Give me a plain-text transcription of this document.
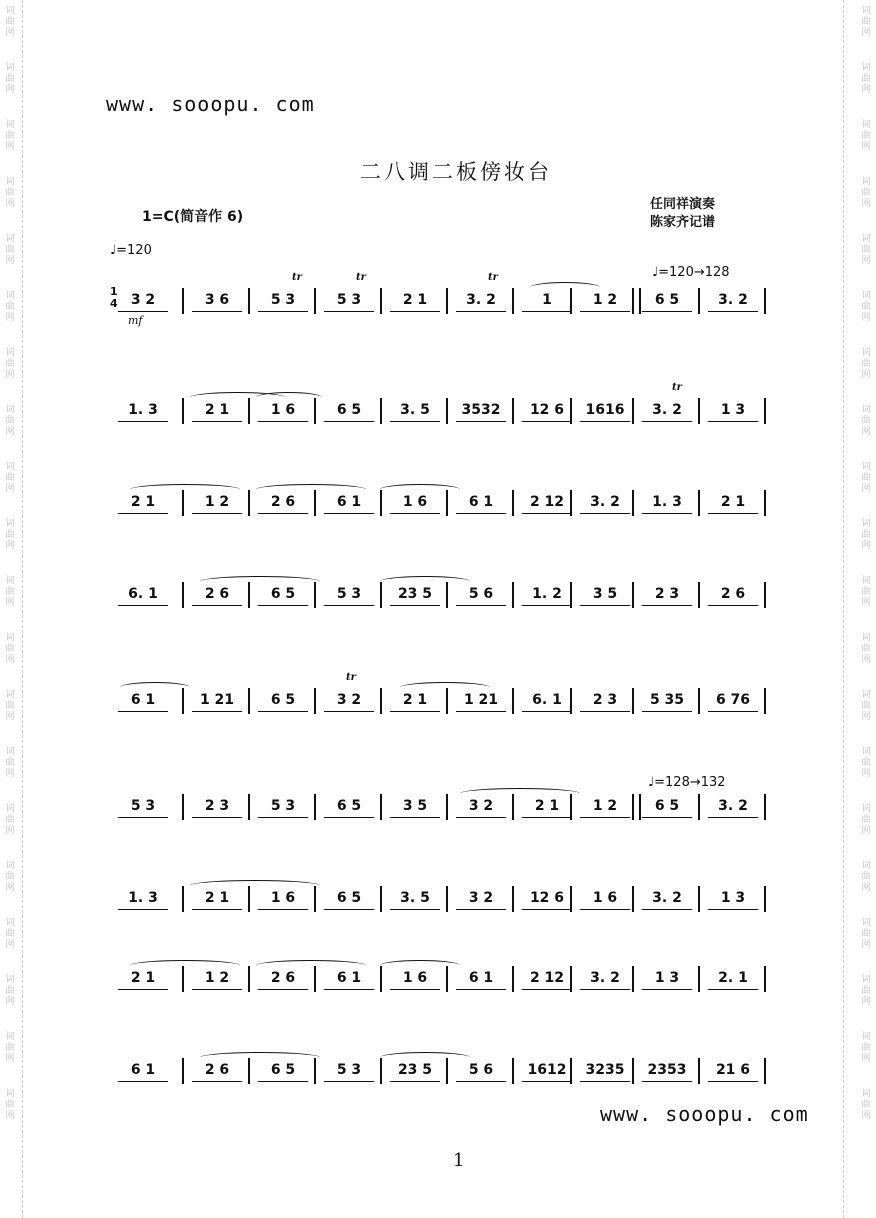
词曲网
词曲网
词曲网
词曲网
词曲网
词曲网
词曲网
词曲网
词曲网
词曲网
词曲网
词曲网
词曲网
词曲网
词曲网
词曲网
词曲网
词曲网
词曲网
词曲网
词曲网
词曲网
词曲网
词曲网
词曲网
词曲网
词曲网
词曲网
词曲网
词曲网
词曲网
词曲网
词曲网
词曲网
词曲网
词曲网
词曲网
词曲网
词曲网
词曲网
www. sooopu. com
二八调二板傍妆台
1=C(简音作 6)
任同祥演奏
陈家齐记谱
♩=120
♩=120→128
♩=128→132
3 2	3 6	5 3	5 3	2 1	3. 2	1	1 2	6 5	3. 2
1
4
mf
tr	tr	tr
1. 3	2 1	1 6	6 5	3. 5	3532	12 6	1616	3. 2	1 3
tr
2 1	1 2	2 6	6 1	1 6	6 1	2 12	3. 2	1. 3	2 1
6. 1	2 6	6 5	5 3	23 5	5 6	1. 2	3 5	2 3	2 6
6 1	1 21	6 5	3 2	2 1	1 21	6. 1	2 3	5 35	6 76
tr
5 3	2 3	5 3	6 5	3 5	3 2	2 1	1 2	6 5	3. 2
1. 3	2 1	1 6	6 5	3. 5	3 2	12 6	1 6	3. 2	1 3
2 1	1 2	2 6	6 1	1 6	6 1	2 12	3. 2	1 3	2. 1
6 1	2 6	6 5	5 3	23 5	5 6	1612	3235	2353	21 6
www. sooopu. com
1
